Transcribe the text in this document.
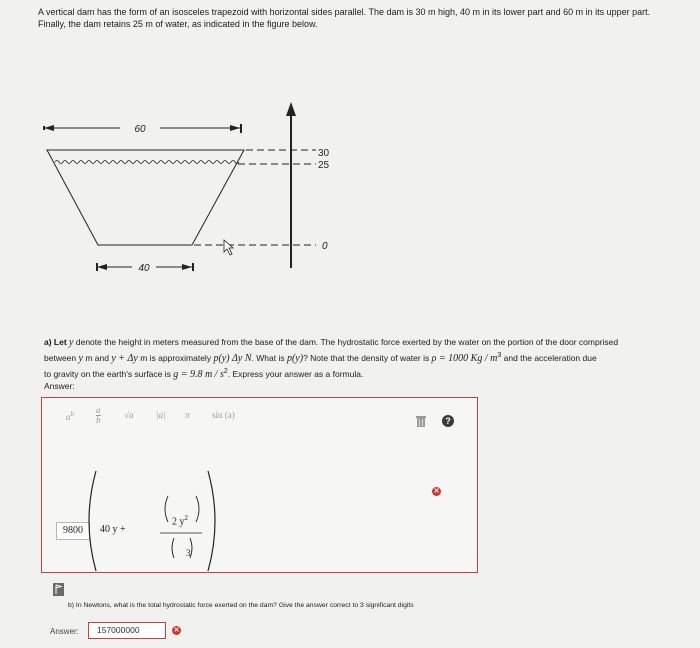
A vertical dam has the form of an isosceles trapezoid with horizontal sides parallel. The dam is 30 m high, 40 m in its lower part and 60 m in its upper part.
Finally, the dam retains 25 m of water, as indicated in the figure below.
60
30
25
0
40
a) Let y denote the height in meters measured from the base of the dam. The hydrostatic force exerted by the water on the portion of the door comprised
between y m and y + Δy m is approximately p(y) Δy N. What is p(y)? Note that the density of water is ρ = 1000 Kg / $m^3$ and the acceleration due
to gravity on the earth's surface is g = 9.8 m / $s^2$. Express your answer as a formula.
Answer:
$a^b$ a
b	√a	|a| π sin (a)
?
9800	40 y +
2 $y^2$
3
✕
b) In Newtons, what is the total hydrostatic force exerted on the dam? Give the answer correct to 3 significant digits
Answer:	157000000	✕
